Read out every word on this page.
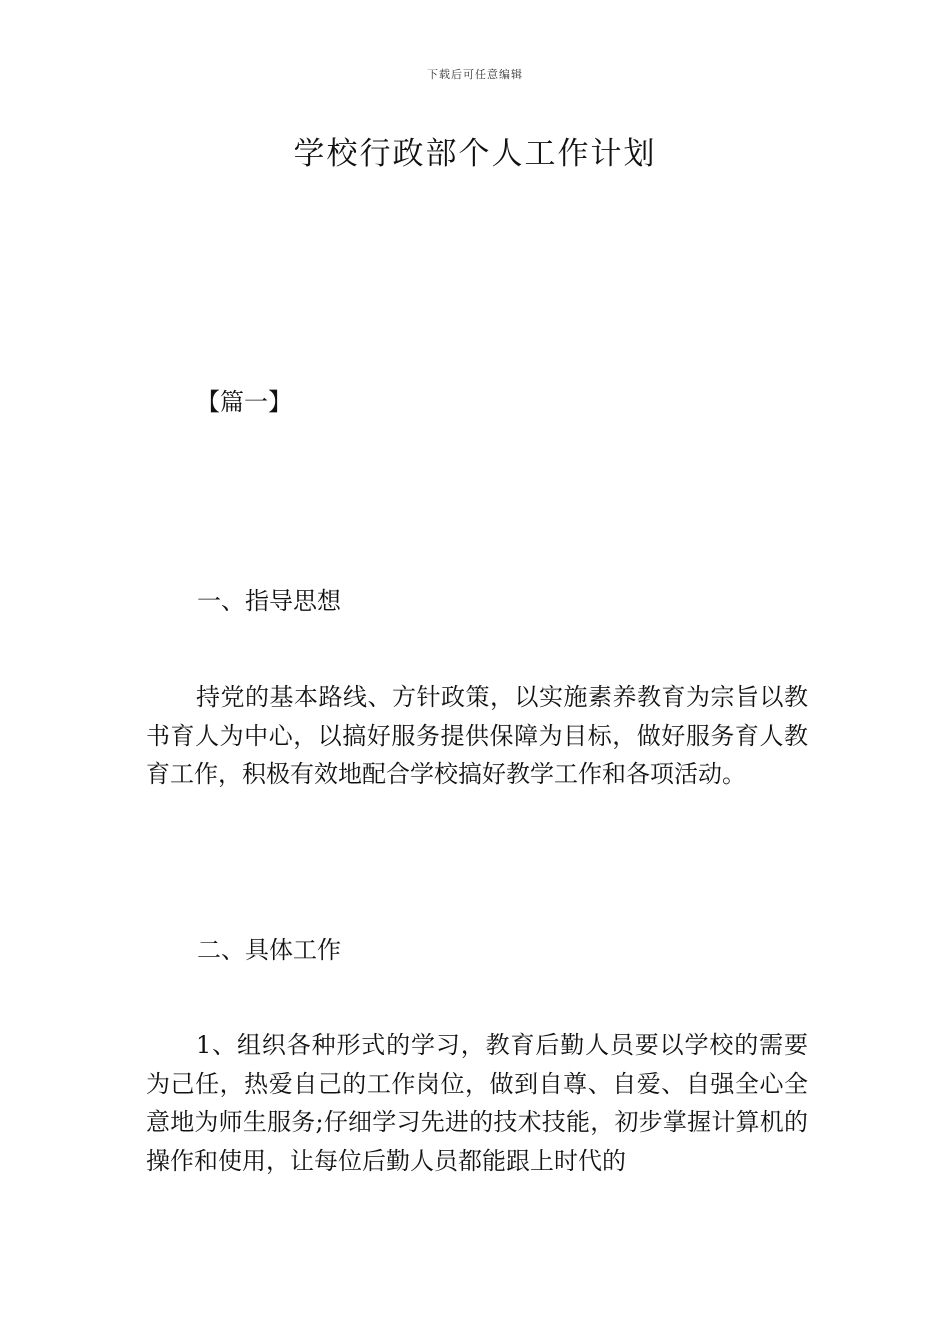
下载后可任意编辑
学校行政部个人工作计划
【篇一】
一、指导思想
持党的基本路线、方针政策，以实施素养教育为宗旨以教书育人为中心，以搞好服务提供保障为目标，做好服务育人教育工作，积极有效地配合学校搞好教学工作和各项活动。
二、具体工作
1、组织各种形式的学习，教育后勤人员要以学校的需要为己任，热爱自己的工作岗位，做到自尊、自爱、自强全心全意地为师生服务;仔细学习先进的技术技能，初步掌握计算机的操作和使用，让每位后勤人员都能跟上时代的
